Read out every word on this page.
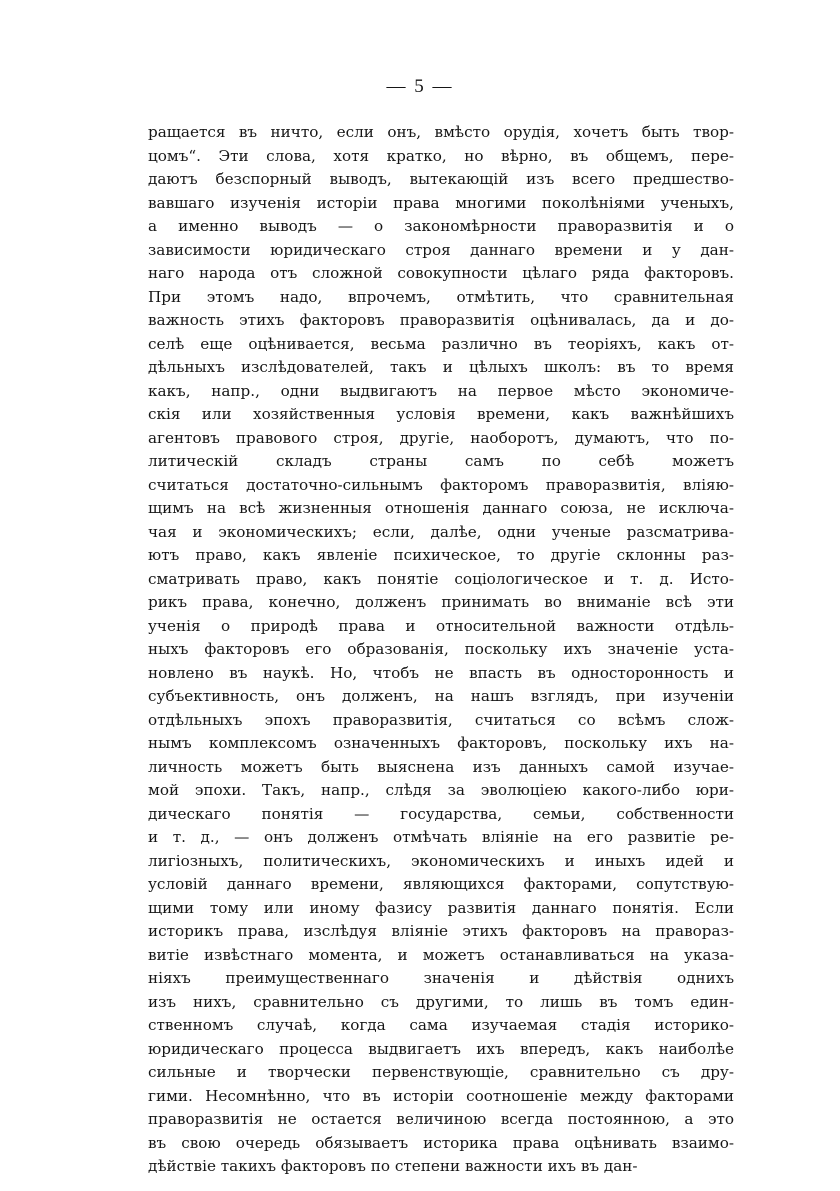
— 5 —
ращается въ ничто, если онъ, вмѣсто орудія, хочетъ быть твор-
цомъ“. Эти слова, хотя кратко, но вѣрно, въ общемъ, пере-
даютъ безспорный выводъ, вытекающій изъ всего предшество-
вавшаго изученія исторіи права многими поколѣніями ученыхъ,
а именно выводъ — о закономѣрности правоpазвитія и о
зависимости юридическаго строя даннаго времени и у дан-
наго народа отъ сложной совокупности цѣлаго ряда факторовъ.
При этомъ надо, впрочемъ, отмѣтить, что сравнительная
важность этихъ факторовъ правоpазвитія оцѣнивалась, да и до-
селѣ еще оцѣнивается, весьма различно въ теоріяхъ, какъ от-
дѣльныхъ изслѣдователей, такъ и цѣлыхъ школъ: въ то время
какъ, напр., одни выдвигаютъ на первое мѣсто экономиче-
скія или хозяйственныя условія времени, какъ важнѣйшихъ
агентовъ правового строя, другіе, наоборотъ, думаютъ, что по-
литическій складъ страны самъ по себѣ можетъ
считаться достаточно-сильнымъ факторомъ правоpазвитія, вліяю-
щимъ на всѣ жизненныя отношенія даннаго союза, не исключа-
чая и экономическихъ; если, далѣе, одни ученые разсматрива-
ютъ право, какъ явленіе психическое, то другіе склонны раз-
сматривать право, какъ понятіе соціологическое и т. д. Исто-
рикъ права, конечно, долженъ принимать во вниманіе всѣ эти
ученія о природѣ права и относительной важности отдѣль-
ныхъ факторовъ его образованія, поскольку ихъ значеніе уста-
новлено въ наукѣ. Но, чтобъ не впасть въ односторонность и
субъективность, онъ долженъ, на нашъ взглядъ, при изученіи
отдѣльныхъ эпохъ правоpазвитія, считаться со всѣмъ слож-
нымъ комплексомъ означенныхъ факторовъ, поскольку ихъ на-
личность можетъ быть выяснена изъ данныхъ самой изучае-
мой эпохи. Такъ, напр., слѣдя за эволюціею какого-либо юри-
дическаго понятія — государства, семьи, собственности
и т. д., — онъ долженъ отмѣчать вліяніе на его развитіе ре-
лигіозныхъ, политическихъ, экономическихъ и иныхъ идей и
условій даннаго времени, являющихся факторами, сопутствую-
щими тому или иному фазису развитія даннаго понятія. Если
историкъ права, изслѣдуя вліяніе этихъ факторовъ на правораз-
витіе извѣстнаго момента, и можетъ останавливаться на указа-
ніяхъ преимущественнаго значенія и дѣйствія однихъ
изъ нихъ, сравнительно съ другими, то лишь въ томъ един-
ственномъ случаѣ, когда сама изучаемая стадія историко-
юридическаго процесса выдвигаетъ ихъ впередъ, какъ наиболѣе
сильные и творчески первенствующіе, сравнительно съ дру-
гими. Несомнѣнно, что въ исторіи соотношеніе между факторами
праворазвитія не остается величиною всегда постоянною, а это
въ свою очередь обязываетъ историка права оцѣнивать взаимо-
дѣйствіе такихъ факторовъ по степени важности ихъ въ дан-
